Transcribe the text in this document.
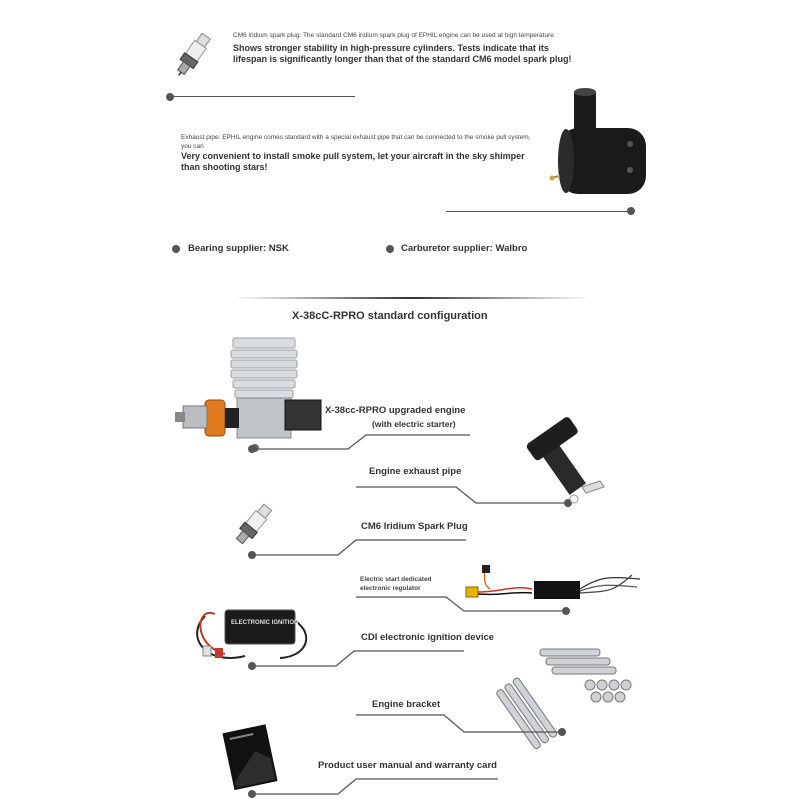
CM6 iridium spark plug: The standard CM6 iridium spark plug of EPHIL engine can be used at high temperature
Shows stronger stability in high-pressure cylinders. Tests indicate that its lifespan is significantly longer than that of the standard CM6 model spark plug!
Exhaust pipe: EPHIL engine comes standard with a special exhaust pipe that can be connected to the smoke pull system, you can
Very convenient to install smoke pull system, let your aircraft in the sky shimper than shooting stars!
Bearing supplier: NSK	Carburetor supplier: Walbro
X-38cC-RPRO standard configuration
X-38cc-RPRO upgraded engine
(with electric starter)
Engine exhaust pipe
CM6 Iridium Spark Plug
Electric start dedicated
electronic regulator
ELECTRONIC IGNITION
CDI electronic ignition device
Engine bracket
Product user manual and warranty card
